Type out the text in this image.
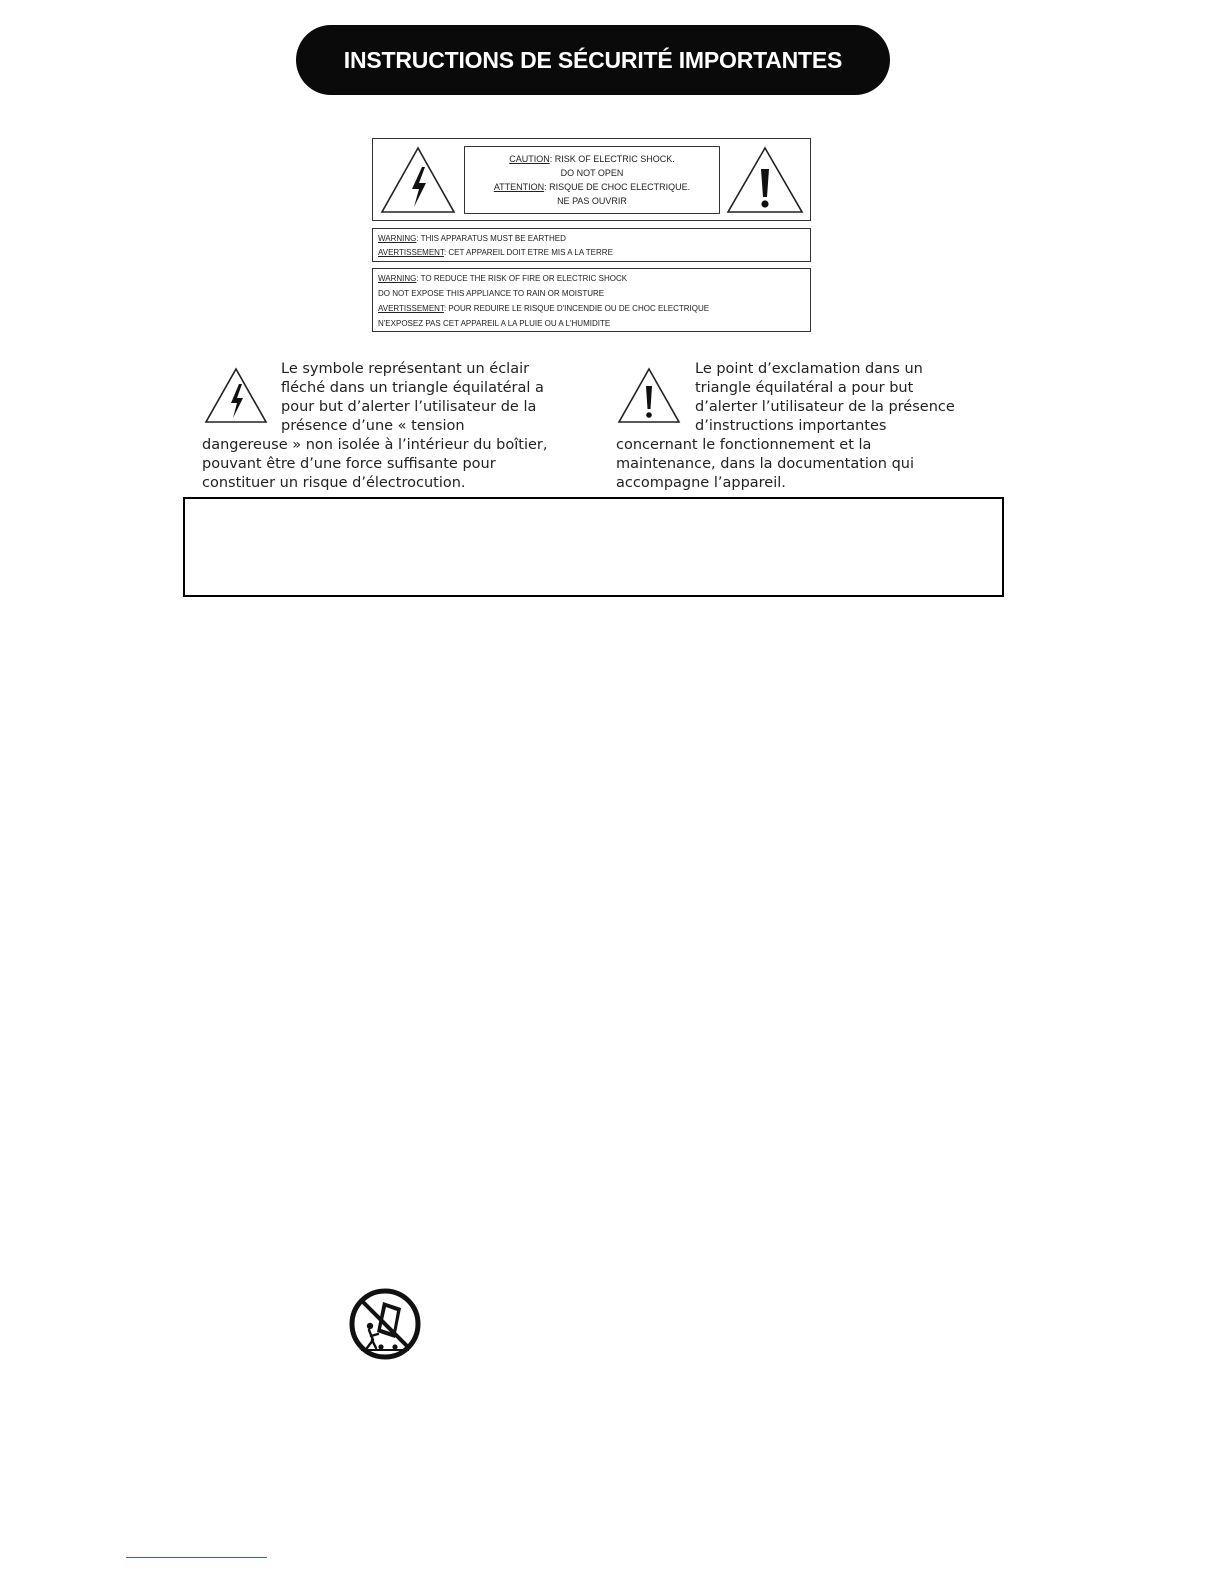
INSTRUCTIONS DE SÉCURITÉ IMPORTANTES
CAUTION: RISK OF ELECTRIC SHOCK.
DO NOT OPEN
ATTENTION: RISQUE DE CHOC ELECTRIQUE.
NE PAS OUVRIR
WARNING: THIS APPARATUS MUST BE EARTHED
AVERTISSEMENT: CET APPAREIL DOIT ETRE MIS A LA TERRE
WARNING: TO REDUCE THE RISK OF FIRE OR ELECTRIC SHOCK
DO NOT EXPOSE THIS APPLIANCE TO RAIN OR MOISTURE
AVERTISSEMENT: POUR REDUIRE LE RISQUE D'INCENDIE OU DE CHOC ELECTRIQUE
N'EXPOSEZ PAS CET APPAREIL A LA PLUIE OU A L'HUMIDITE
Le symbole représentant un éclair
fléché dans un triangle équilatéral a
pour but d’alerter l’utilisateur de la
présence d’une « tension
dangereuse » non isolée à l’intérieur du boîtier,
pouvant être d’une force suffisante pour
constituer un risque d’électrocution.
Le point d’exclamation dans un
triangle équilatéral a pour but
d’alerter l’utilisateur de la présence
d’instructions importantes
concernant le fonctionnement et la
maintenance, dans la documentation qui
accompagne l’appareil.
